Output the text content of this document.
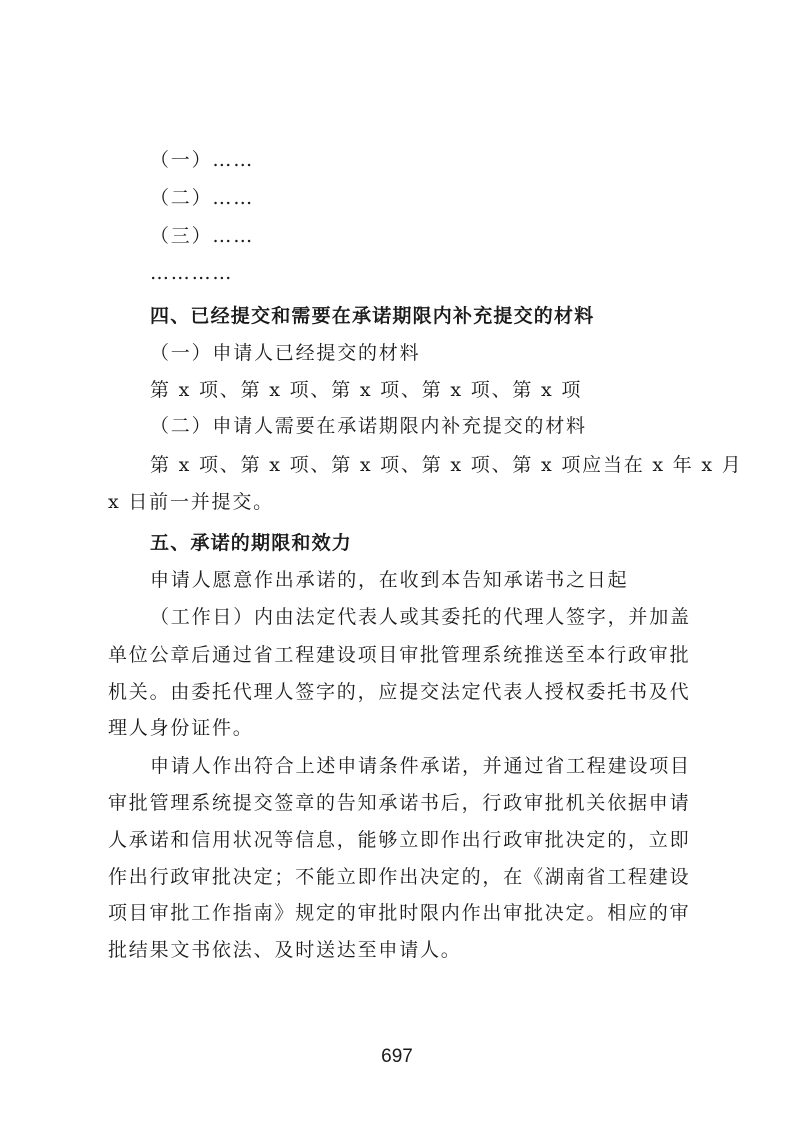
（一）……
（二）……
（三）……
…………
四、已经提交和需要在承诺期限内补充提交的材料
（一）申请人已经提交的材料
第 x 项、第 x 项、第 x 项、第 x 项、第 x 项
（二）申请人需要在承诺期限内补充提交的材料
第 x 项、第 x 项、第 x 项、第 x 项、第 x 项应当在 x 年 x 月
x 日前一并提交。
五、承诺的期限和效力
申请人愿意作出承诺的，在收到本告知承诺书之日起
（工作日）内由法定代表人或其委托的代理人签字，并加盖
单位公章后通过省工程建设项目审批管理系统推送至本行政审批
机关。由委托代理人签字的，应提交法定代表人授权委托书及代
理人身份证件。
申请人作出符合上述申请条件承诺，并通过省工程建设项目
审批管理系统提交签章的告知承诺书后，行政审批机关依据申请
人承诺和信用状况等信息，能够立即作出行政审批决定的，立即
作出行政审批决定；不能立即作出决定的，在《湖南省工程建设
项目审批工作指南》规定的审批时限内作出审批决定。相应的审
批结果文书依法、及时送达至申请人。
697
